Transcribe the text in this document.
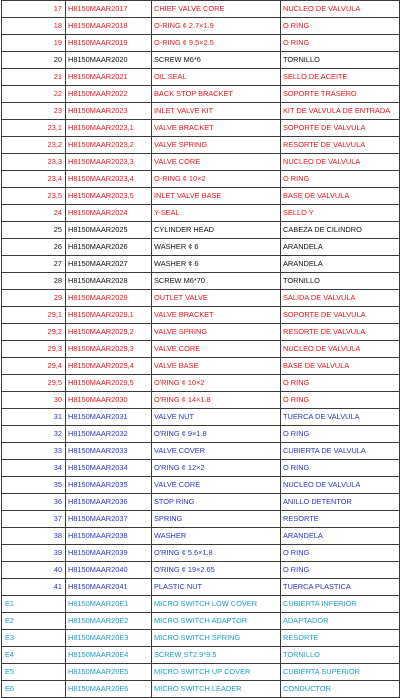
17	H8150MAAR2017	CHIEF VALVE CORE	NUCLEO DE VALVULA
18	H8150MAAR2018	O-RING ¢ 2.7×1.9	O RING
19	H8150MAAR2019	O-RING ¢ 9.5×2.5	O RING
20	H8150MAAR2020	SCREW M6*6	TORNILLO
21	H8150MAAR2021	OIL SEAL	SELLO DE ACEITE
22	H8150MAAR2022	BACK STOP BRACKET	SOPORTE TRASERO
23	H8150MAAR2023	INLET VALVE KIT	KIT DE VALVULA DE ENTRADA
23,1	H8150MAAR2023,1	VALVE BRACKET	SOPORTE DE VALVULA
23,2	H8150MAAR2023,2	VALVE SPRING	RESORTE DE VALVULA
23,3	H8150MAAR2023,3	VALVE CORE	NUCLEO DE VALVULA
23,4	H8150MAAR2023,4	O-RING ¢ 10×2	O RING
23,5	H8150MAAR2023,5	INLET VALVE BASE	BASE DE VALVULA
24	H8150MAAR2024	Y-SEAL	SELLO Y
25	H8150MAAR2025	CYLINDER HEAD	CABEZA DE CILINDRO
26	H8150MAAR2026	WASHER ¢ 6	ARANDELA
27	H8150MAAR2027	WASHER ¢ 6	ARANDELA
28	H8150MAAR2028	SCREW M6*70	TORNILLO
29	H8150MAAR2029	OUTLET VALVE	SALIDA DE VALVULA
29,1	H8150MAAR2029,1	VALVE BRACKET	SOPORTE DE VALVULA
29,2	H8150MAAR2029,2	VALVE SPRING	RESORTE DE VALVULA
29,3	H8150MAAR2029,3	VALVE CORE	NUCLEO DE VALVULA
29,4	H8150MAAR2029,4	VALVE BASE	BASE DE VALVULA
29,5	H8150MAAR2029,5	O'RING ¢ 10×2	O RING
30	H8150MAAR2030	O'RING ¢ 14×1.8	O RING
31	H8150MAAR2031	VALVE NUT	TUERCA DE VALVULA
32	H8150MAAR2032	O'RING ¢ 9×1.8	O RING
33	H8150MAAR2033	VALVE COVER	CUBIERTA DE VALVULA
34	H8150MAAR2034	O'RING ¢ 12×2	O RING
35	H8150MAAR2035	VALVE CORE	NUCLEO DE VALVULA
36	H8150MAAR2036	STOP RING	ANILLO DETENTOR
37	H8150MAAR2037	SPRING	RESORTE
38	H8150MAAR2038	WASHER	ARANDELA
39	H8150MAAR2039	O'RING ¢ 5.6×1.8	O RING
40	H8150MAAR2040	O'RING ¢ 19×2.65	O RING
41	H8150MAAR2041	PLASTIC NUT	TUERCA PLASTICA
E1	H8150MAAR20E1	MICRO SWITCH LOW COVER	CUBIERTA INFERIOR
E2	H8150MAAR20E2	MICRO SWITCH ADAPTOR	ADAPTADOR
E3	H8150MAAR20E3	MICRO SWITCH SPRING	RESORTE
E4	H8150MAAR20E4	SCREW ST2.9*9.5	TORNILLO
E5	H8150MAAR20E5	MICRO SWITCH UP COVER	CUBIERTA SUPERIOR
E6	H8150MAAR20E6	MICRO SWITCH LEADER	CONDUCTOR
